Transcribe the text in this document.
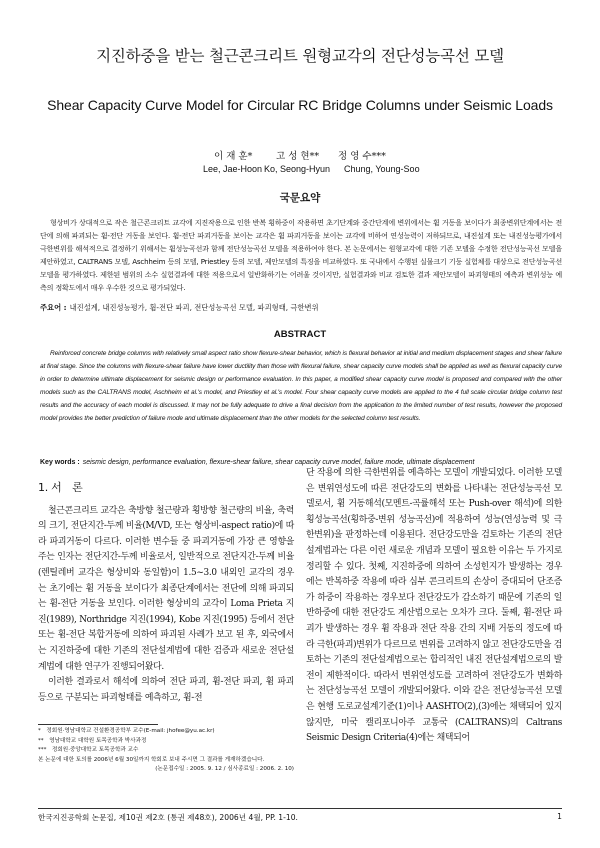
지진하중을 받는 철근콘크리트 원형교각의 전단성능곡선 모델
Shear Capacity Curve Model for Circular RC Bridge Columns under Seismic Loads
이 재 훈* 고 성 현** 정 영 수***
Lee, Jae-Hoon Ko, Seong-Hyun Chung, Young-Soo
국문요약

형상비가 상대적으로 작은 철근콘크리트 교각에 지진작용으로 인한 반복 횡하중이 작용하면 초기단계와 중간단계에 변위에서는 휨 거동을 보이다가 최종변위단계에서는 전단에 의해 파괴되는 휨-전단 거동을 보인다. 휨-전단 파괴거동을 보이는 교각은 휨 파괴거동을 보이는 교각에 비하여 연성능력이 저하되므로, 내진설계 또는 내진성능평가에서 극한변위를 해석적으로 결정하기 위해서는 휨성능곡선과 함께 전단성능곡선 모델을 적용하여야 한다. 본 논문에서는 원형교각에 대한 기존 모델을 수정한 전단성능곡선 모델을 제안하였고, CALTRANS 모델, Aschheim 등의 모델, Priestley 등의 모델, 제안모델의 특징을 비교하였다. 또 국내에서 수행된 실물크기 기둥 실험체를 대상으로 전단성능곡선 모델을 평가하였다. 제한된 범위의 소수 실험결과에 대한 적용으로서 일반화하기는 어려울 것이지만, 실험결과와 비교 검토한 결과 제안모델이 파괴형태의 예측과 변위성능 예측의 정확도에서 매우 우수한 것으로 평가되었다.

주요어 : 내진설계, 내진성능평가, 휨-전단 파괴, 전단성능곡선 모델, 파괴형태, 극한변위

ABSTRACT

Reinforced concrete bridge columns with relatively small aspect ratio show flexure-shear behavior, which is flexural behavior at initial and medium displacement stages and shear failure at final stage. Since the columns with flexure-shear failure have lower ductility than those with flexural failure, shear capacity curve models shall be applied as well as flexural capacity curve in order to determine ultimate displacement for seismic design or performance evaluation. In this paper, a modified shear capacity curve model is proposed and compared with the other models such as the CALTRANS model, Aschheim et al.'s model, and Priestley et al.'s model. Four shear capacity curve models are applied to the 4 full scale circular bridge column test results and the accuracy of each model is discussed. It may not be fully adequate to drive a final decision from the application to the limited number of test results, however the proposed model provides the better prediction of failure mode and ultimate displacement than the other models for the selected column test results.

Key words : seismic design, performance evaluation, flexure-shear failure, shear capacity curve model, failure mode, ultimate displacement

1. 서　론

철근콘크리트 교각은 축방향 철근량과 횡방향 철근량의 비율, 축력의 크기, 전단지간-두께 비율(M/VD, 또는 형상비-aspect ratio)에 따라 파괴거동이 다르다. 이러한 변수들 중 파괴거동에 가장 큰 영향을 주는 인자는 전단지간-두께 비율로서, 일반적으로 전단지간-두께 비율(렌틸레버 교각은 형상비와 동일함)이 1.5~3.0 내외인 교각의 경우는 초기에는 휨 거동을 보이다가 최종단계에서는 전단에 의해 파괴되는 휨-전단 거동을 보인다. 이러한 형상비의 교각이 Loma Prieta 지진(1989), Northridge 지진(1994), Kobe 지진(1995) 등에서 전단 또는 휨-전단 복합거동에 의하여 파괴된 사례가 보고 된 후, 외국에서는 지진하중에 대한 기존의 전단설계법에 대한 검증과 새로운 전단설계법에 대한 연구가 진행되어왔다.

이러한 결과로서 해석에 의하여 전단 파괴, 휨-전단 파괴, 휨 파괴 등으로 구분되는 파괴형태를 예측하고, 휨-전

단 작용에 의한 극한변위를 예측하는 모델이 개발되었다. 이러한 모델은 변위연성도에 따른 전단강도의 변화를 나타내는 전단성능곡선 모델로서, 휨 거동해석(모멘트-곡률해석 또는 Push-over 해석)에 의한 횡성능곡선(횡하중-변위 성능곡선)에 적용하여 성능(연성능력 및 극한변위)을 판정하는데 이용된다. 전단강도만을 검토하는 기존의 전단설계법과는 다른 이런 새로운 개념과 모델이 필요한 이유는 두 가지로 정리할 수 있다. 첫째, 지진하중에 의하여 소성힌지가 발생하는 경우에는 반복하중 작용에 따라 심부 콘크리트의 손상이 증대되어 단조증가 하중이 작용하는 경우보다 전단강도가 감소하기 때문에 기존의 일반하중에 대한 전단강도 계산법으로는 오차가 크다. 둘째, 휨-전단 파괴가 발생하는 경우 휨 작용과 전단 작용 간의 지배 거동의 정도에 따라 극한(파괴)변위가 다르므로 변위를 고려하지 않고 전단강도만을 검토하는 기존의 전단설계법으로는 합리적인 내진 전단설계법으로의 발전이 제한적이다. 따라서 변위연성도를 고려하여 전단강도가 변화하는 전단성능곡선 모델이 개발되어왔다. 이와 같은 전단성능곡선 모델은 현행 도로교설계기준(1)이나 AASHTO(2),(3)에는 채택되어 있지 않지만, 미국 캘리포니아주 교통국 (CALTRANS)의 Caltrans Seismic Design Criteria(4)에는 채택되어

*　정회원·영남대학교 건설환경공학부 교수(E-mail: jhofee@yu.ac.kr)
**　영남대학교 대학원 토목공학과 박사과정
***　정회원·중앙대학교 토목공학과 교수
본 논문에 대한 토의를 2006년 6월 30일까지 학회로 보내 주시면 그 결과를 게재하겠습니다.
(논문접수일 : 2005. 9. 12 / 심사종료일 : 2006. 2. 10)
한국지진공학회 논문집, 제10권 제2호 (통권 제48호), 2006년 4월, PP. 1-10.	1
